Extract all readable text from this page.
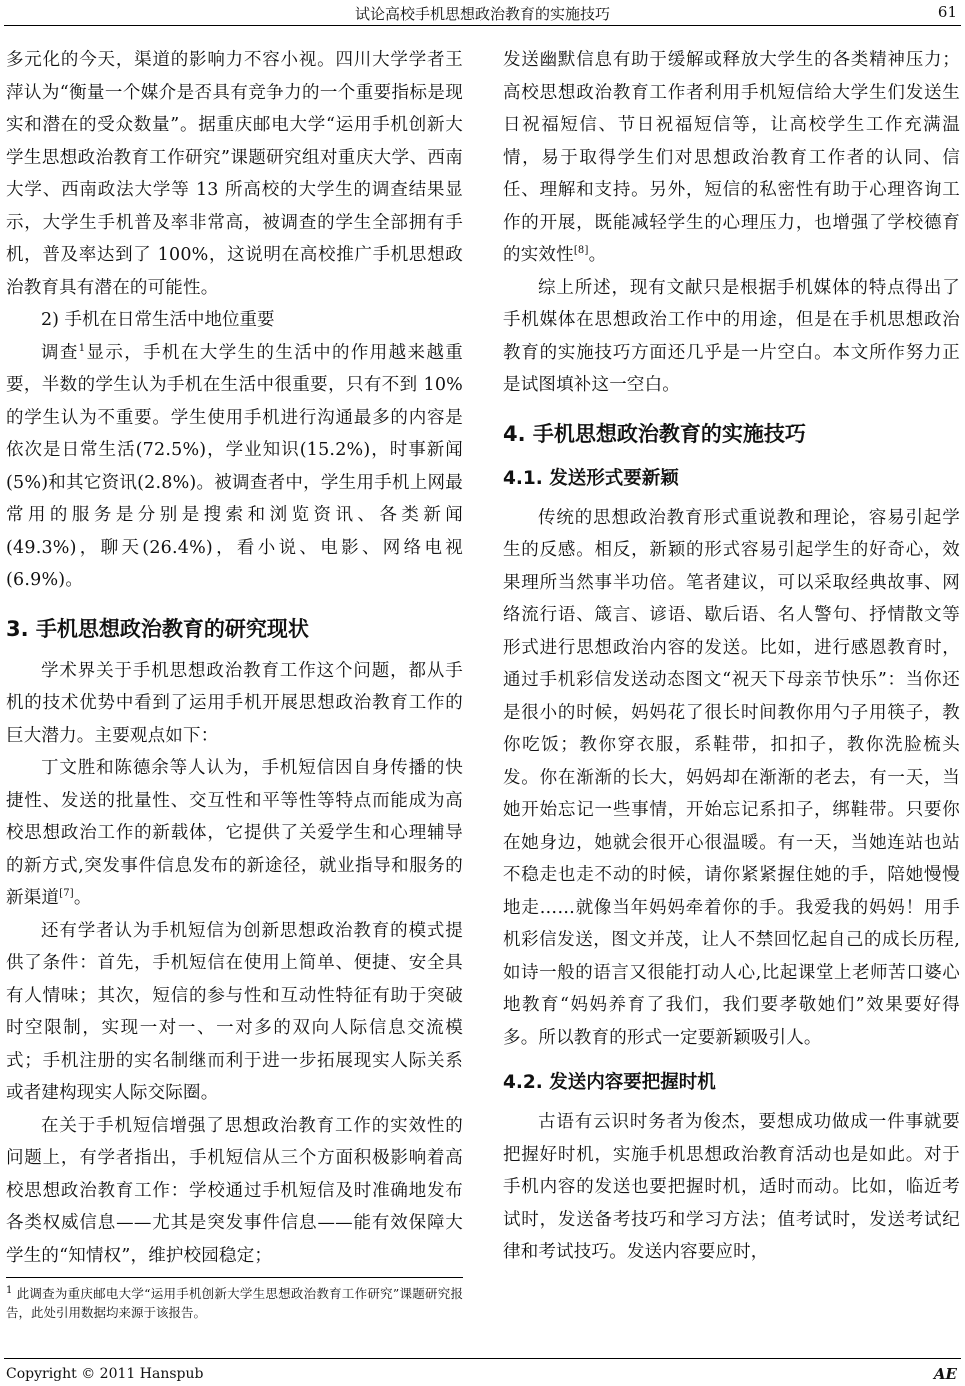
试论高校手机思想政治教育的实施技巧	61

多元化的今天，渠道的影响力不容小视。四川大学学者王萍认为“衡量一个媒介是否具有竞争力的一个重要指标是现实和潜在的受众数量”。据重庆邮电大学“运用手机创新大学生思想政治教育工作研究”课题研究组对重庆大学、西南大学、西南政法大学等 13 所高校的大学生的调查结果显示，大学生手机普及率非常高，被调查的学生全部拥有手机，普及率达到了 100%，这说明在高校推广手机思想政治教育具有潜在的可能性。

2) 手机在日常生活中地位重要

调查$^1$显示，手机在大学生的生活中的作用越来越重要，半数的学生认为手机在生活中很重要，只有不到 10%的学生认为不重要。学生使用手机进行沟通最多的内容是依次是日常生活(72.5%)，学业知识(15.2%)，时事新闻(5%)和其它资讯(2.8%)。被调查者中，学生用手机上网最常用的服务是分别是搜索和浏览资讯、各类新闻(49.3%)，聊天(26.4%)，看小说、电影、网络电视(6.9%)。

3. 手机思想政治教育的研究现状

学术界关于手机思想政治教育工作这个问题，都从手机的技术优势中看到了运用手机开展思想政治教育工作的巨大潜力。主要观点如下：

丁文胜和陈德余等人认为，手机短信因自身传播的快捷性、发送的批量性、交互性和平等性等特点而能成为高校思想政治工作的新载体，它提供了关爱学生和心理辅导的新方式,突发事件信息发布的新途径，就业指导和服务的新渠道[7]。

还有学者认为手机短信为创新思想政治教育的模式提供了条件：首先，手机短信在使用上简单、便捷、安全具有人情味；其次，短信的参与性和互动性特征有助于突破时空限制，实现一对一、一对多的双向人际信息交流模式；手机注册的实名制继而利于进一步拓展现实人际关系或者建构现实人际交际圈。

在关于手机短信增强了思想政治教育工作的实效性的问题上，有学者指出，手机短信从三个方面积极影响着高校思想政治教育工作：学校通过手机短信及时准确地发布各类权威信息——尤其是突发事件信息——能有效保障大学生的“知情权”，维护校园稳定；

$^1$ 此调查为重庆邮电大学“运用手机创新大学生思想政治教育工作研究”课题研究报告，此处引用数据均来源于该报告。

发送幽默信息有助于缓解或释放大学生的各类精神压力；高校思想政治教育工作者利用手机短信给大学生们发送生日祝福短信、节日祝福短信等，让高校学生工作充满温情，易于取得学生们对思想政治教育工作者的认同、信任、理解和支持。另外，短信的私密性有助于心理咨询工作的开展，既能减轻学生的心理压力，也增强了学校德育的实效性[8]。

综上所述，现有文献只是根据手机媒体的特点得出了手机媒体在思想政治工作中的用途，但是在手机思想政治教育的实施技巧方面还几乎是一片空白。本文所作努力正是试图填补这一空白。

4. 手机思想政治教育的实施技巧
4.1. 发送形式要新颖

传统的思想政治教育形式重说教和理论，容易引起学生的反感。相反，新颖的形式容易引起学生的好奇心，效果理所当然事半功倍。笔者建议，可以采取经典故事、网络流行语、箴言、谚语、歇后语、名人警句、抒情散文等形式进行思想政治内容的发送。比如，进行感恩教育时，通过手机彩信发送动态图文“祝天下母亲节快乐”：当你还是很小的时候，妈妈花了很长时间教你用勺子用筷子，教你吃饭；教你穿衣服，系鞋带，扣扣子，教你洗脸梳头发。你在渐渐的长大，妈妈却在渐渐的老去，有一天，当她开始忘记一些事情，开始忘记系扣子，绑鞋带。只要你在她身边，她就会很开心很温暖。有一天，当她连站也站不稳走也走不动的时候，请你紧紧握住她的手，陪她慢慢地走……就像当年妈妈牵着你的手。我爱我的妈妈！用手机彩信发送，图文并茂，让人不禁回忆起自己的成长历程,如诗一般的语言又很能打动人心,比起课堂上老师苦口婆心地教育“妈妈养育了我们，我们要孝敬她们”效果要好得多。所以教育的形式一定要新颖吸引人。

4.2. 发送内容要把握时机

古语有云识时务者为俊杰，要想成功做成一件事就要把握好时机，实施手机思想政治教育活动也是如此。对于手机内容的发送也要把握时机，适时而动。比如，临近考试时，发送备考技巧和学习方法；值考试时，发送考试纪律和考试技巧。发送内容要应时，

Copyright © 2011 Hanspub	AE
